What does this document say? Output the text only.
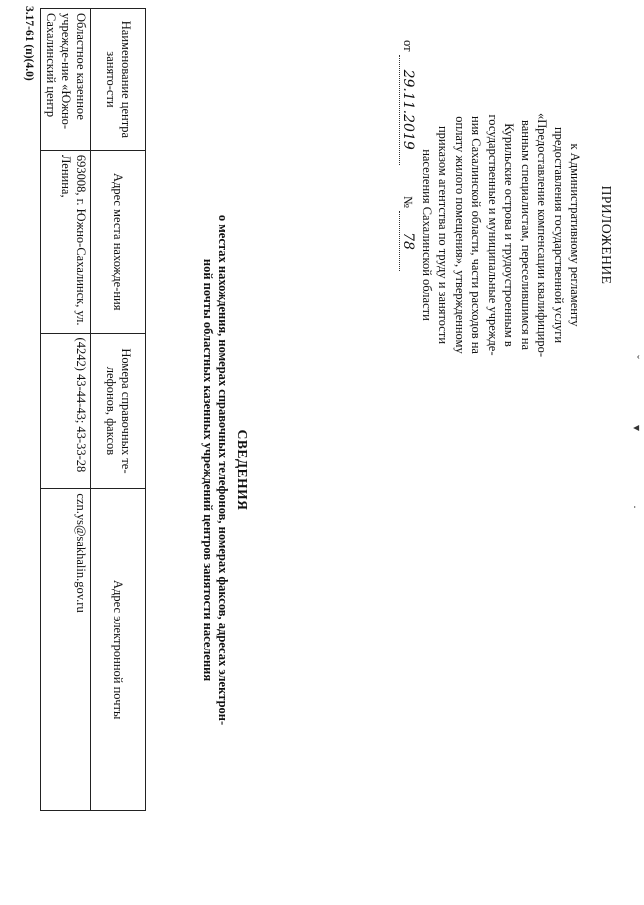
ˇ
▾
·
ПРИЛОЖЕНИЕ
к Административному регламенту
предоставления государственной услуги
«Предоставление компенсации квалифициро-
ванным специалистам, переселившимся на
Курильские острова и трудоустроенным в
государственные и муниципальные учрежде-
ния Сахалинской области, части расходов на
оплату жилого помещения», утвержденному
приказом агентства по труду и занятости
населения Сахалинской области
от 29.11.2019          № 78
СВЕДЕНИЯ
о местах нахождения, номерах справочных телефонов, номерах факсов, адресах электрон-
ной почты областных казенных учреждений центров занятости населения
Наименование центра занято-сти	Адрес места нахожде-ния	Номера справочных те-лефонов, факсов	Адрес электронной почты
Областное казенное учрежде-ние «Южно-Сахалинский центр	693008, г. Южно-Сахалинск, ул. Ленина,	(4242) 43-44-43; 43-33-28	czn.ys@sakhalin.gov.ru
3.17-61 (п)(4.0)
